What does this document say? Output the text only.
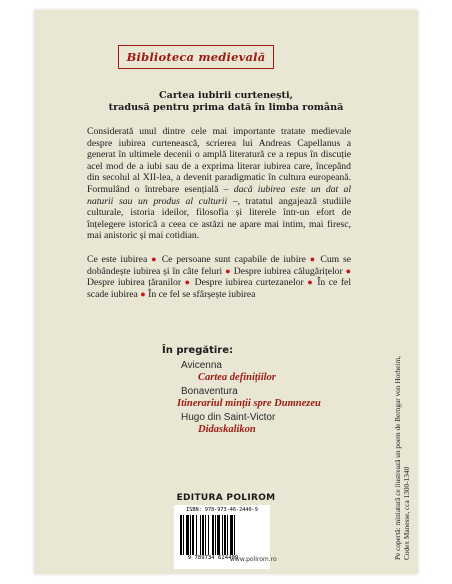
Biblioteca medievală
Cartea iubirii curtenești,
tradusă pentru prima dată în limba română

Considerată unul dintre cele mai importante tratate medievale despre iubirea curtenească, scrierea lui Andreas Capellanus a generat în ultimele decenii o amplă literatură ce a repus în discuție acel mod de a iubi sau de a exprima literar iubirea care, începând din secolul al XII-lea, a devenit paradigmatic în cultura europeană. Formulând o întrebare esențială – dacă iubirea este un dat al naturii sau un produs al culturii –, tratatul angajează studiile culturale, istoria ideilor, filosofia și literele într-un efort de înțelegere istorică a ceea ce astăzi ne apare mai intim, mai firesc, mai anistoric și mai cotidian.

Ce este iubirea ● Ce persoane sunt capabile de iubire ● Cum se dobândește iubirea și în câte feluri ● Despre iubirea călugărițelor ● Despre iubirea țăranilor ● Despre iubirea curtezanelor ● În ce fel scade iubirea ● În ce fel se sfârșește iubirea

În pregătire:
Avicenna
Cartea definițiilor
Bonaventura
Itinerariul minții spre Dumnezeu
Hugo din Saint-Victor
Didaskalikon
EDITURA POLIROM
ISBN: 978-973-46-2440-9
9 789734 624409
www.polirom.ro	Pe copertă: miniatură ce ilustrează un poem de Berngar von Horheim, Codex Manesse, cca 1300-1340
